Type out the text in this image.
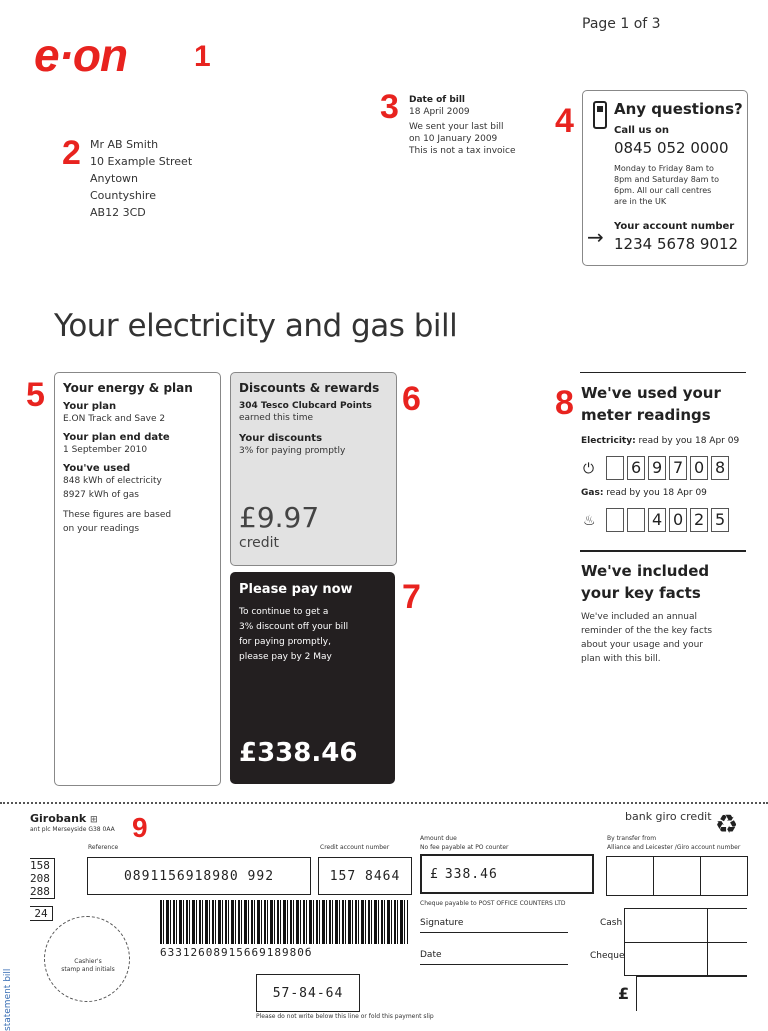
Page 1 of 3
e·on 1
2 Mr AB Smith
10 Example Street
Anytown
Countyshire
AB12 3CD
3 Date of bill
18 April 2009
We sent your last bill
on 10 January 2009
This is not a tax invoice
4	Any questions?
Call us on
0845 052 0000
Monday to Friday 8am to
8pm and Saturday 8am to
6pm. All our call centres
are in the UK
Your account number
→ 1234 5678 9012
Your electricity and gas bill
5 Your energy & plan
Your plan
E.ON Track and Save 2
Your plan end date
1 September 2010
You've used
848 kWh of electricity
8927 kWh of gas
These figures are based
on your readings
Discounts & rewards
304 Tesco Clubcard Points
earned this time
Your discounts
3% for paying promptly
£9.97
credit
6
Please pay now
To continue to get a
3% discount off your bill
for paying promptly,
please pay by 2 May
£338.46
7
8 We've used your
meter readings
Electricity: read by you 18 Apr 09
⏻ 6 9 7 0 8
Gas: read by you 18 Apr 09
♨	4 0 2 5
We've included
your key facts
We've included an annual
reminder of the the key facts
about your usage and your
plan with this bill.
Girobank ⊞
ant plc Merseyside G38 0AA 9	bank giro credit ♻
Reference	Credit account number
Amount due
No fee payable at PO counter
By transfer from
Alliance and Leicester /Giro account number
158
208
288
24
0891156918980 992	157 8464	£ 338.46
Cheque payable to POST OFFICE COUNTERS LTD
6331260891566918980б
Signature
Date
Cash
Cheque
£
Cashier's
stamp and initials
57-84-64
statement bill	Please do not write below this line or fold this payment slip
